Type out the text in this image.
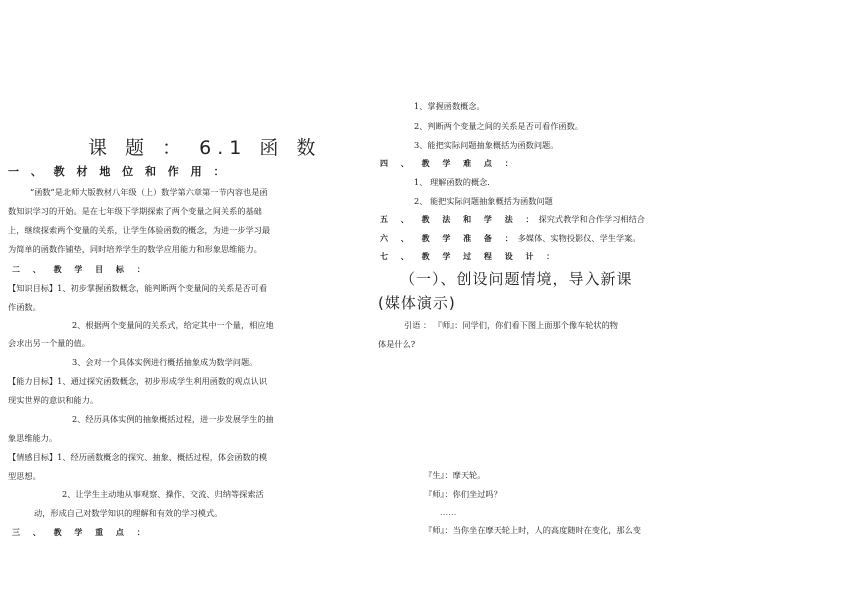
课 题 ： 6.1 函 数
一 、 教 材 地 位 和 作 用 ：
“函数”是北师大版教材八年级（上）数学第六章第一节内容也是函
数知识学习的开始。是在七年级下学期探索了两个变量之间关系的基础
上，继续探索两个变量的关系，让学生体验函数的概念，为进一步学习最
为简单的函数作铺垫，同时培养学生的数学应用能力和形象思维能力。
二 、 教 学 目 标 ：
【知识目标】1、初步掌握函数概念，能判断两个变量间的关系是否可看
作函数。
2、根据两个变量间的关系式，给定其中一个量，相应地
会求出另一个量的值。
3、会对一个具体实例进行概括抽象成为数学问题。
【能力目标】1、通过探究函数概念，初步形成学生利用函数的观点认识
现实世界的意识和能力。
2、经历具体实例的抽象概括过程，进一步发展学生的抽
象思维能力。
【情感目标】1、经历函数概念的探究、抽象、概括过程，体会函数的模
型思想。
2、让学生主动地从事观察、操作、交流、归纳等探索活
动，形成自己对数学知识的理解和有效的学习模式。
三 、 教 学 重 点 ：
1、掌握函数概念。
2、判断两个变量之间的关系是否可看作函数。
3、能把实际问题抽象概括为函数问题。
四 、 教 学 难 点 ：
1、 理解函数的概念．
2、 能把实际问题抽象概括为函数问题
五 、 教 法 和 学 法 ：探究式教学和合作学习相结合
六 、 教 学 准 备 ：多媒体、实物投影仪、学生学案。
七 、 教 学 过 程 设 计 ：
（一）、创设问题情境，导入新课
(媒体演示)
引语 ： 『师』：同学们，你们看下图上面那个像车轮状的物
体是什么?
『生』：摩天轮。
『师』：你们坐过吗？
……
『师』：当你坐在摩天轮上时，人的高度随时在变化，那么变
